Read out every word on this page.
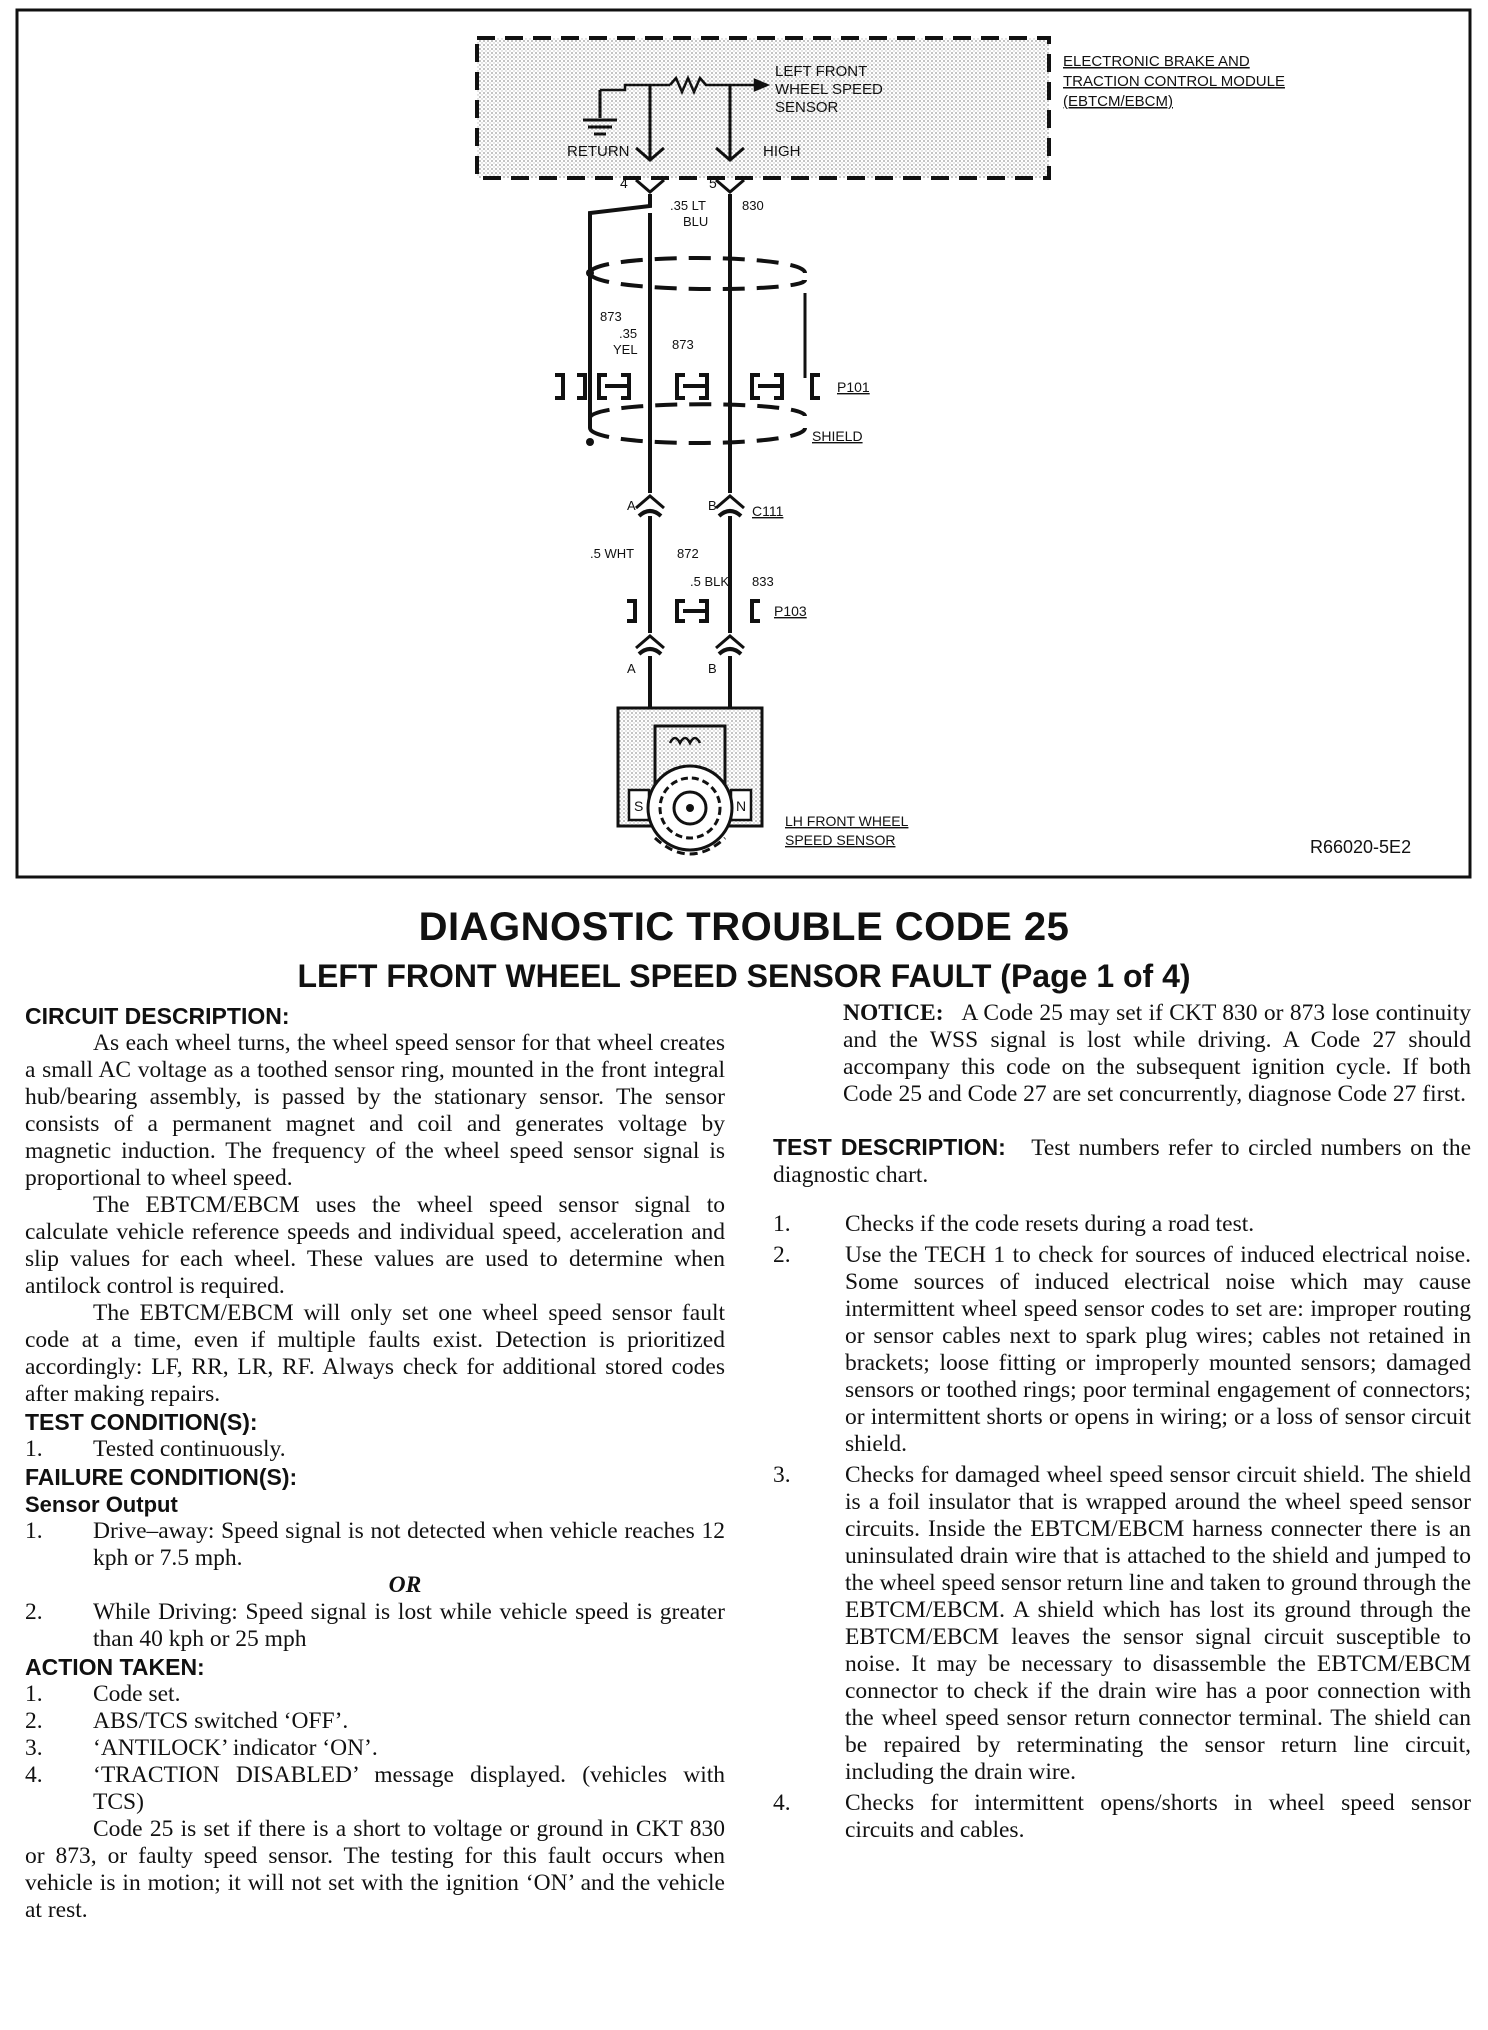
ELECTRONIC BRAKE AND
TRACTION CONTROL MODULE
(EBTCM/EBCM)
LEFT FRONT
WHEEL SPEED
SENSOR
RETURN	HIGH
4	5
.35 LT
BLU
830
873
.35
YEL	873
P101
SHIELD
A	B	C111
.5 WHT	872
.5 BLK 833
P103
A	B
S	N
LH FRONT WHEEL
SPEED SENSOR	R66020-5E2
DIAGNOSTIC TROUBLE CODE 25
LEFT FRONT WHEEL SPEED SENSOR FAULT (Page 1 of 4)
CIRCUIT DESCRIPTION:

As each wheel turns, the wheel speed sensor for that wheel creates a small AC voltage as a toothed sensor ring, mounted in the front integral hub/bearing assembly, is passed by the stationary sensor. The sensor consists of a permanent magnet and coil and generates voltage by magnetic induction. The frequency of the wheel speed sensor signal is proportional to wheel speed.

The EBTCM/EBCM uses the wheel speed sensor signal to calculate vehicle reference speeds and individual speed, acceleration and slip values for each wheel. These values are used to determine when antilock control is required.

The EBTCM/EBCM will only set one wheel speed sensor fault code at a time, even if multiple faults exist. Detection is prioritized accordingly: LF, RR, LR, RF. Always check for additional stored codes after making repairs.

TEST CONDITION(S):
1.	Tested continuously.
FAILURE CONDITION(S):
Sensor Output
1.	Drive–away: Speed signal is not detected when vehicle reaches 12 kph or 7.5 mph.
OR
2.	While Driving: Speed signal is lost while vehicle speed is greater than 40 kph or 25 mph
ACTION TAKEN:
1.	Code set.
2.	ABS/TCS switched ‘OFF’.
3.	‘ANTILOCK’ indicator ‘ON’.
4.	‘TRACTION DISABLED’ message displayed. (vehicles with TCS)

Code 25 is set if there is a short to voltage or ground in CKT 830 or 873, or faulty speed sensor. The testing for this fault occurs when vehicle is in motion; it will not set with the ignition ‘ON’ and the vehicle at rest.

NOTICE: A Code 25 may set if CKT 830 or 873 lose continuity and the WSS signal is lost while driving. A Code 27 should accompany this code on the subsequent ignition cycle. If both Code 25 and Code 27 are set concurrently, diagnose Code 27 first.

TEST DESCRIPTION: Test numbers refer to circled numbers on the diagnostic chart.

1.	Checks if the code resets during a road test.
2.	Use the TECH 1 to check for sources of induced electrical noise. Some sources of induced electrical noise which may cause intermittent wheel speed sensor codes to set are: improper routing or sensor cables next to spark plug wires; cables not retained in brackets; loose fitting or improperly mounted sensors; damaged sensors or toothed rings; poor terminal engagement of connectors; or intermittent shorts or opens in wiring; or a loss of sensor circuit shield.
3.	Checks for damaged wheel speed sensor circuit shield. The shield is a foil insulator that is wrapped around the wheel speed sensor circuits. Inside the EBTCM/EBCM harness connecter there is an uninsulated drain wire that is attached to the shield and jumped to the wheel speed sensor return line and taken to ground through the EBTCM/EBCM. A shield which has lost its ground through the EBTCM/EBCM leaves the sensor signal circuit susceptible to noise. It may be necessary to disassemble the EBTCM/EBCM connector to check if the drain wire has a poor connection with the wheel speed sensor return connector terminal. The shield can be repaired by reterminating the sensor return line circuit, including the drain wire.
4.	Checks for intermittent opens/shorts in wheel speed sensor circuits and cables.
